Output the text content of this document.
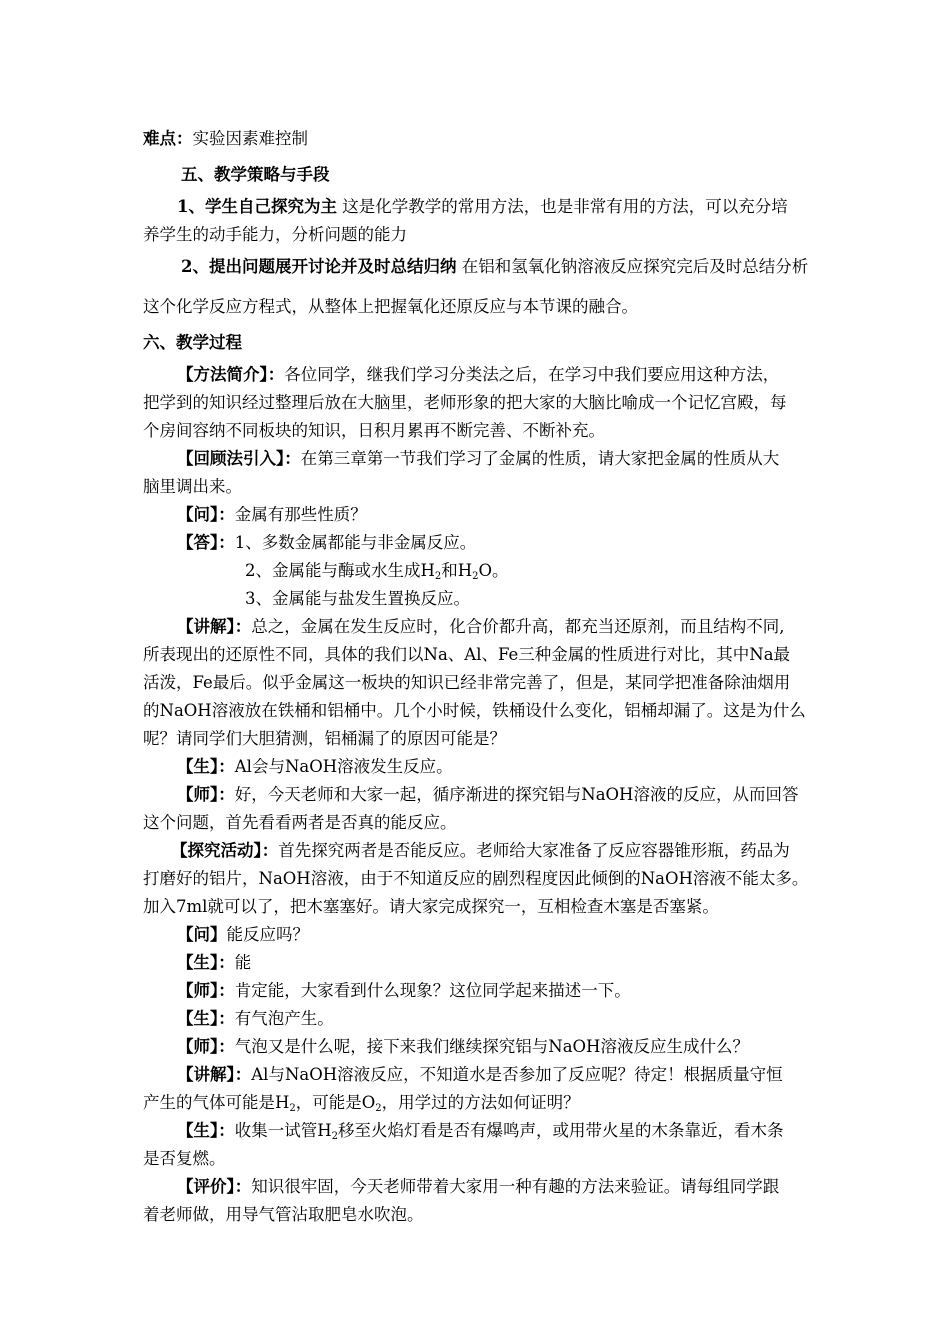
难点：实验因素难控制
五、教学策略与手段
1、学生自己探究为主 这是化学教学的常用方法，也是非常有用的方法，可以充分培
养学生的动手能力，分析问题的能力
2、提出问题展开讨论并及时总结归纳 在铝和氢氧化钠溶液反应探究完后及时总结分析
这个化学反应方程式，从整体上把握氧化还原反应与本节课的融合。
六、教学过程
【方法简介】：各位同学，继我们学习分类法之后，在学习中我们要应用这种方法，
把学到的知识经过整理后放在大脑里，老师形象的把大家的大脑比喻成一个记忆宫殿，每
个房间容纳不同板块的知识，日积月累再不断完善、不断补充。
【回顾法引入】：在第三章第一节我们学习了金属的性质，请大家把金属的性质从大
脑里调出来。
【问】：金属有那些性质？
【答】：1、多数金属都能与非金属反应。
2、金属能与酶或水生成$H_2$和$H_2O$。
3、金属能与盐发生置换反应。
【讲解】：总之，金属在发生反应时，化合价都升高，都充当还原剂，而且结构不同,
所表现出的还原性不同，具体的我们以Na、Al、Fe三种金属的性质进行对比，其中Na最
活泼，Fe最后。似乎金属这一板块的知识已经非常完善了，但是，某同学把准备除油烟用
的NaOH溶液放在铁桶和铝桶中。几个小时候，铁桶设什么变化，铝桶却漏了。这是为什么
呢？请同学们大胆猜测，铝桶漏了的原因可能是？
【生】：Al会与NaOH溶液发生反应。
【师】：好，今天老师和大家一起，循序渐进的探究铝与NaOH溶液的反应，从而回答
这个问题，首先看看两者是否真的能反应。
【探究活动】：首先探究两者是否能反应。老师给大家准备了反应容器锥形瓶，药品为
打磨好的铝片，NaOH溶液，由于不知道反应的剧烈程度因此倾倒的NaOH溶液不能太多。
加入7ml就可以了，把木塞塞好。请大家完成探究一，互相检查木塞是否塞紧。
【问】能反应吗？
【生】：能
【师】：肯定能，大家看到什么现象？这位同学起来描述一下。
【生】：有气泡产生。
【师】：气泡又是什么呢，接下来我们继续探究铝与NaOH溶液反应生成什么？
【讲解】：Al与NaOH溶液反应，不知道水是否参加了反应呢？待定！根据质量守恒
产生的气体可能是$H_2$，可能是$O_2$，用学过的方法如何证明？
【生】：收集一试管$H_2$移至火焰灯看是否有爆鸣声，或用带火星的木条靠近，看木条
是否复燃。
【评价】：知识很牢固，今天老师带着大家用一种有趣的方法来验证。请每组同学跟
着老师做，用导气管沾取肥皂水吹泡。
